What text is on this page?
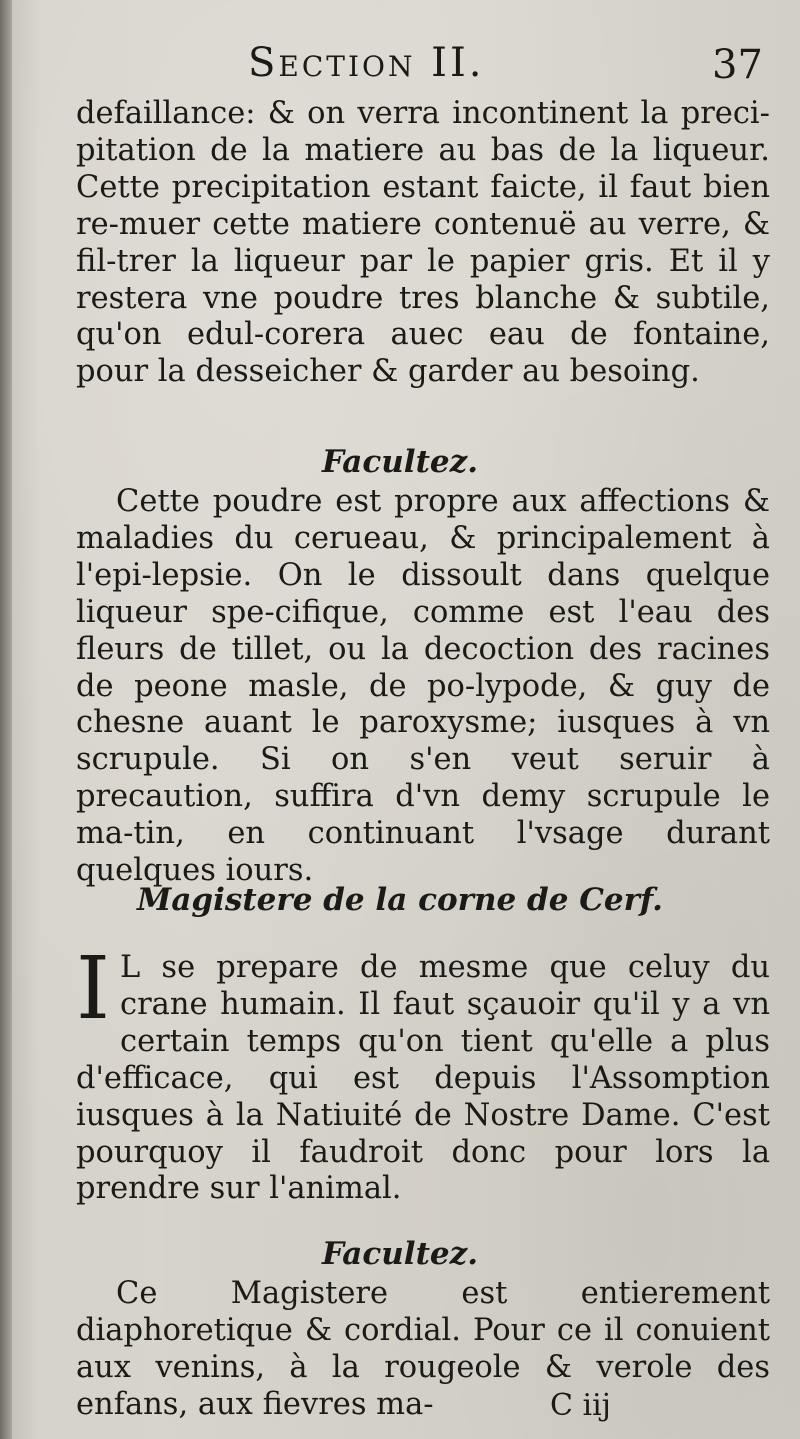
Section II.	37

defaillance: & on verra incontinent la preci-pitation de la matiere au bas de la liqueur. Cette precipitation estant faicte, il faut bien re-muer cette matiere contenuë au verre, & fil-trer la liqueur par le papier gris. Et il y restera vne poudre tres blanche & subtile, qu'on edul-corera auec eau de fontaine, pour la desseicher & garder au besoing.

Facultez.

Cette poudre est propre aux affections & maladies du cerueau, & principalement à l'epi-lepsie. On le dissoult dans quelque liqueur spe-cifique, comme est l'eau des fleurs de tillet, ou la decoction des racines de peone masle, de po-lypode, & guy de chesne auant le paroxysme; iusques à vn scrupule. Si on s'en veut seruir à precaution, suffira d'vn demy scrupule le ma-tin, en continuant l'vsage durant quelques iours.

Magistere de la corne de Cerf.
I L se prepare de mesme que celuy du crane humain. Il faut sçauoir qu'il y a vn certain temps qu'on tient qu'elle a plus d'efficace, qui est depuis l'Assomption iusques à la Natiuité de Nostre Dame. C'est pourquoy il faudroit donc pour lors la prendre sur l'animal.

Facultez.

Ce Magistere est entierement diaphoretique & cordial. Pour ce il conuient aux venins, à la rougeole & verole des enfans, aux fievres ma-	C iij
